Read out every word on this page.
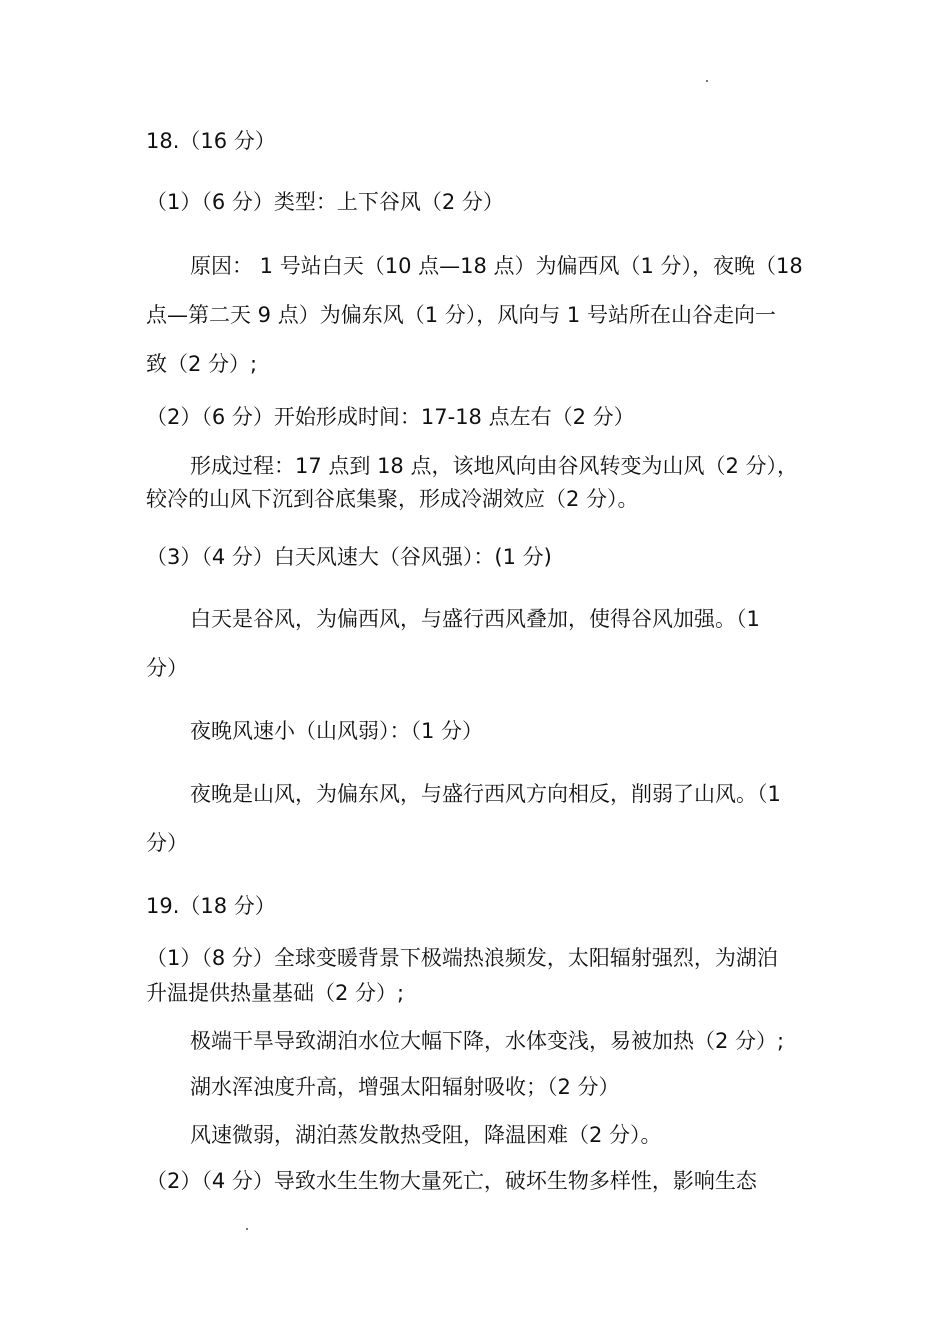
18.（16 分）
（1）（6 分）类型：上下谷风（2 分）
原因： 1 号站白天（10 点—18 点）为偏西风（1 分），夜晚（18
点—第二天 9 点）为偏东风（1 分），风向与 1 号站所在山谷走向一
致（2 分）;
（2）（6 分）开始形成时间：17-18 点左右（2 分）
形成过程：17 点到 18 点，该地风向由谷风转变为山风（2 分），
较冷的山风下沉到谷底集聚，形成冷湖效应（2 分）。
（3）（4 分）白天风速大（谷风强）：(1 分)
白天是谷风，为偏西风，与盛行西风叠加，使得谷风加强。（1
分）
夜晚风速小（山风弱）：（1 分）
夜晚是山风，为偏东风，与盛行西风方向相反，削弱了山风。（1
分）
19.（18 分）
（1）（8 分）全球变暖背景下极端热浪频发，太阳辐射强烈，为湖泊
升温提供热量基础（2 分）;
极端干旱导致湖泊水位大幅下降，水体变浅，易被加热（2 分）;
湖水浑浊度升高，增强太阳辐射吸收；（2 分）
风速微弱，湖泊蒸发散热受阻，降温困难（2 分）。
（2）（4 分）导致水生生物大量死亡，破坏生物多样性，影响生态
